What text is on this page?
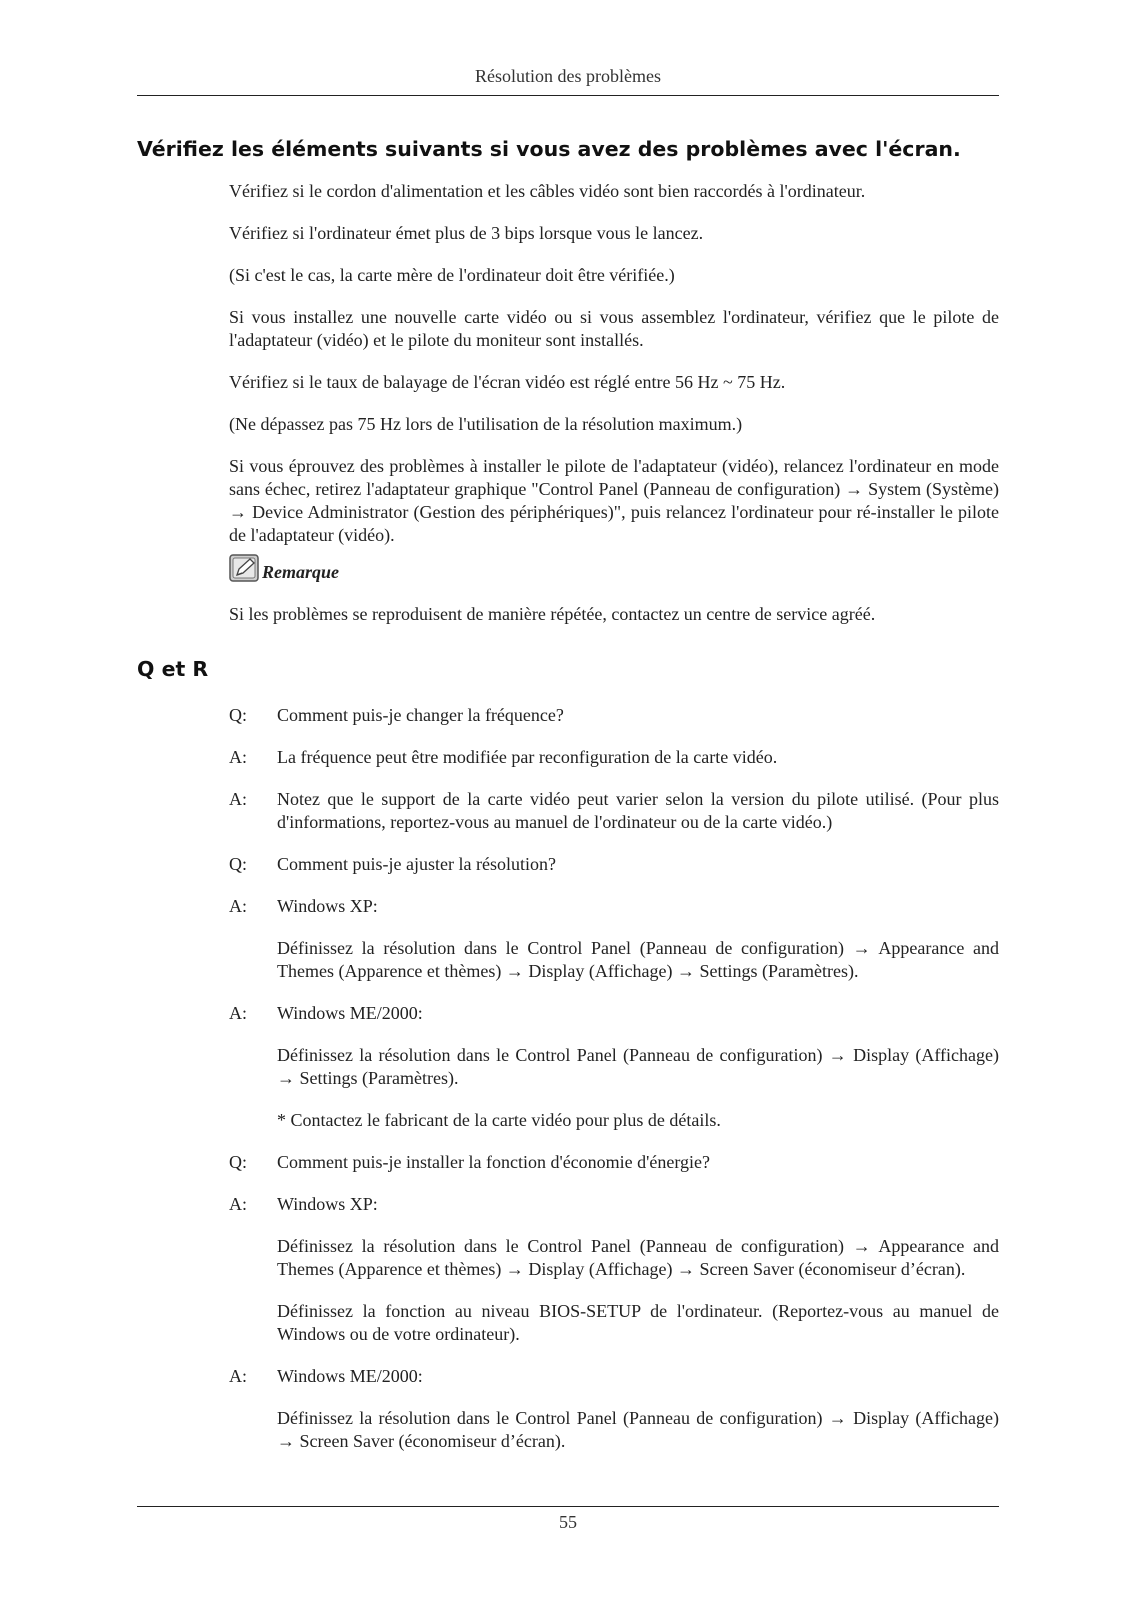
Résolution des problèmes
Vérifiez les éléments suivants si vous avez des problèmes avec l'écran.

Vérifiez si le cordon d'alimentation et les câbles vidéo sont bien raccordés à l'ordinateur.

Vérifiez si l'ordinateur émet plus de 3 bips lorsque vous le lancez.

(Si c'est le cas, la carte mère de l'ordinateur doit être vérifiée.)

Si vous installez une nouvelle carte vidéo ou si vous assemblez l'ordinateur, vérifiez que le pilote de l'adaptateur (vidéo) et le pilote du moniteur sont installés.

Vérifiez si le taux de balayage de l'écran vidéo est réglé entre 56 Hz ~ 75 Hz.

(Ne dépassez pas 75 Hz lors de l'utilisation de la résolution maximum.)

Si vous éprouvez des problèmes à installer le pilote de l'adaptateur (vidéo), relancez l'ordinateur en mode sans échec, retirez l'adaptateur graphique "Control Panel (Panneau de configuration) → System (Système) → Device Administrator (Gestion des périphériques)", puis relancez l'ordinateur pour ré-installer le pilote de l'adaptateur (vidéo).

Remarque

Si les problèmes se reproduisent de manière répétée, contactez un centre de service agréé.

Q et R
Q:	Comment puis-je changer la fréquence?
A:	La fréquence peut être modifiée par reconfiguration de la carte vidéo.
A:	Notez que le support de la carte vidéo peut varier selon la version du pilote utilisé. (Pour plus d'informations, reportez-vous au manuel de l'ordinateur ou de la carte vidéo.)
Q:	Comment puis-je ajuster la résolution?
A:	Windows XP:

Définissez la résolution dans le Control Panel (Panneau de configuration) → Appearance and Themes (Apparence et thèmes) → Display (Affichage) → Settings (Paramètres).

A:	Windows ME/2000:

Définissez la résolution dans le Control Panel (Panneau de configuration) → Display (Affichage) → Settings (Paramètres).

* Contactez le fabricant de la carte vidéo pour plus de détails.

Q:	Comment puis-je installer la fonction d'économie d'énergie?
A:	Windows XP:

Définissez la résolution dans le Control Panel (Panneau de configuration) → Appearance and Themes (Apparence et thèmes) → Display (Affichage) → Screen Saver (économiseur d’écran).

Définissez la fonction au niveau BIOS-SETUP de l'ordinateur. (Reportez-vous au manuel de Windows ou de votre ordinateur).

A:	Windows ME/2000:

Définissez la résolution dans le Control Panel (Panneau de configuration) → Display (Affichage) → Screen Saver (économiseur d’écran).

55
